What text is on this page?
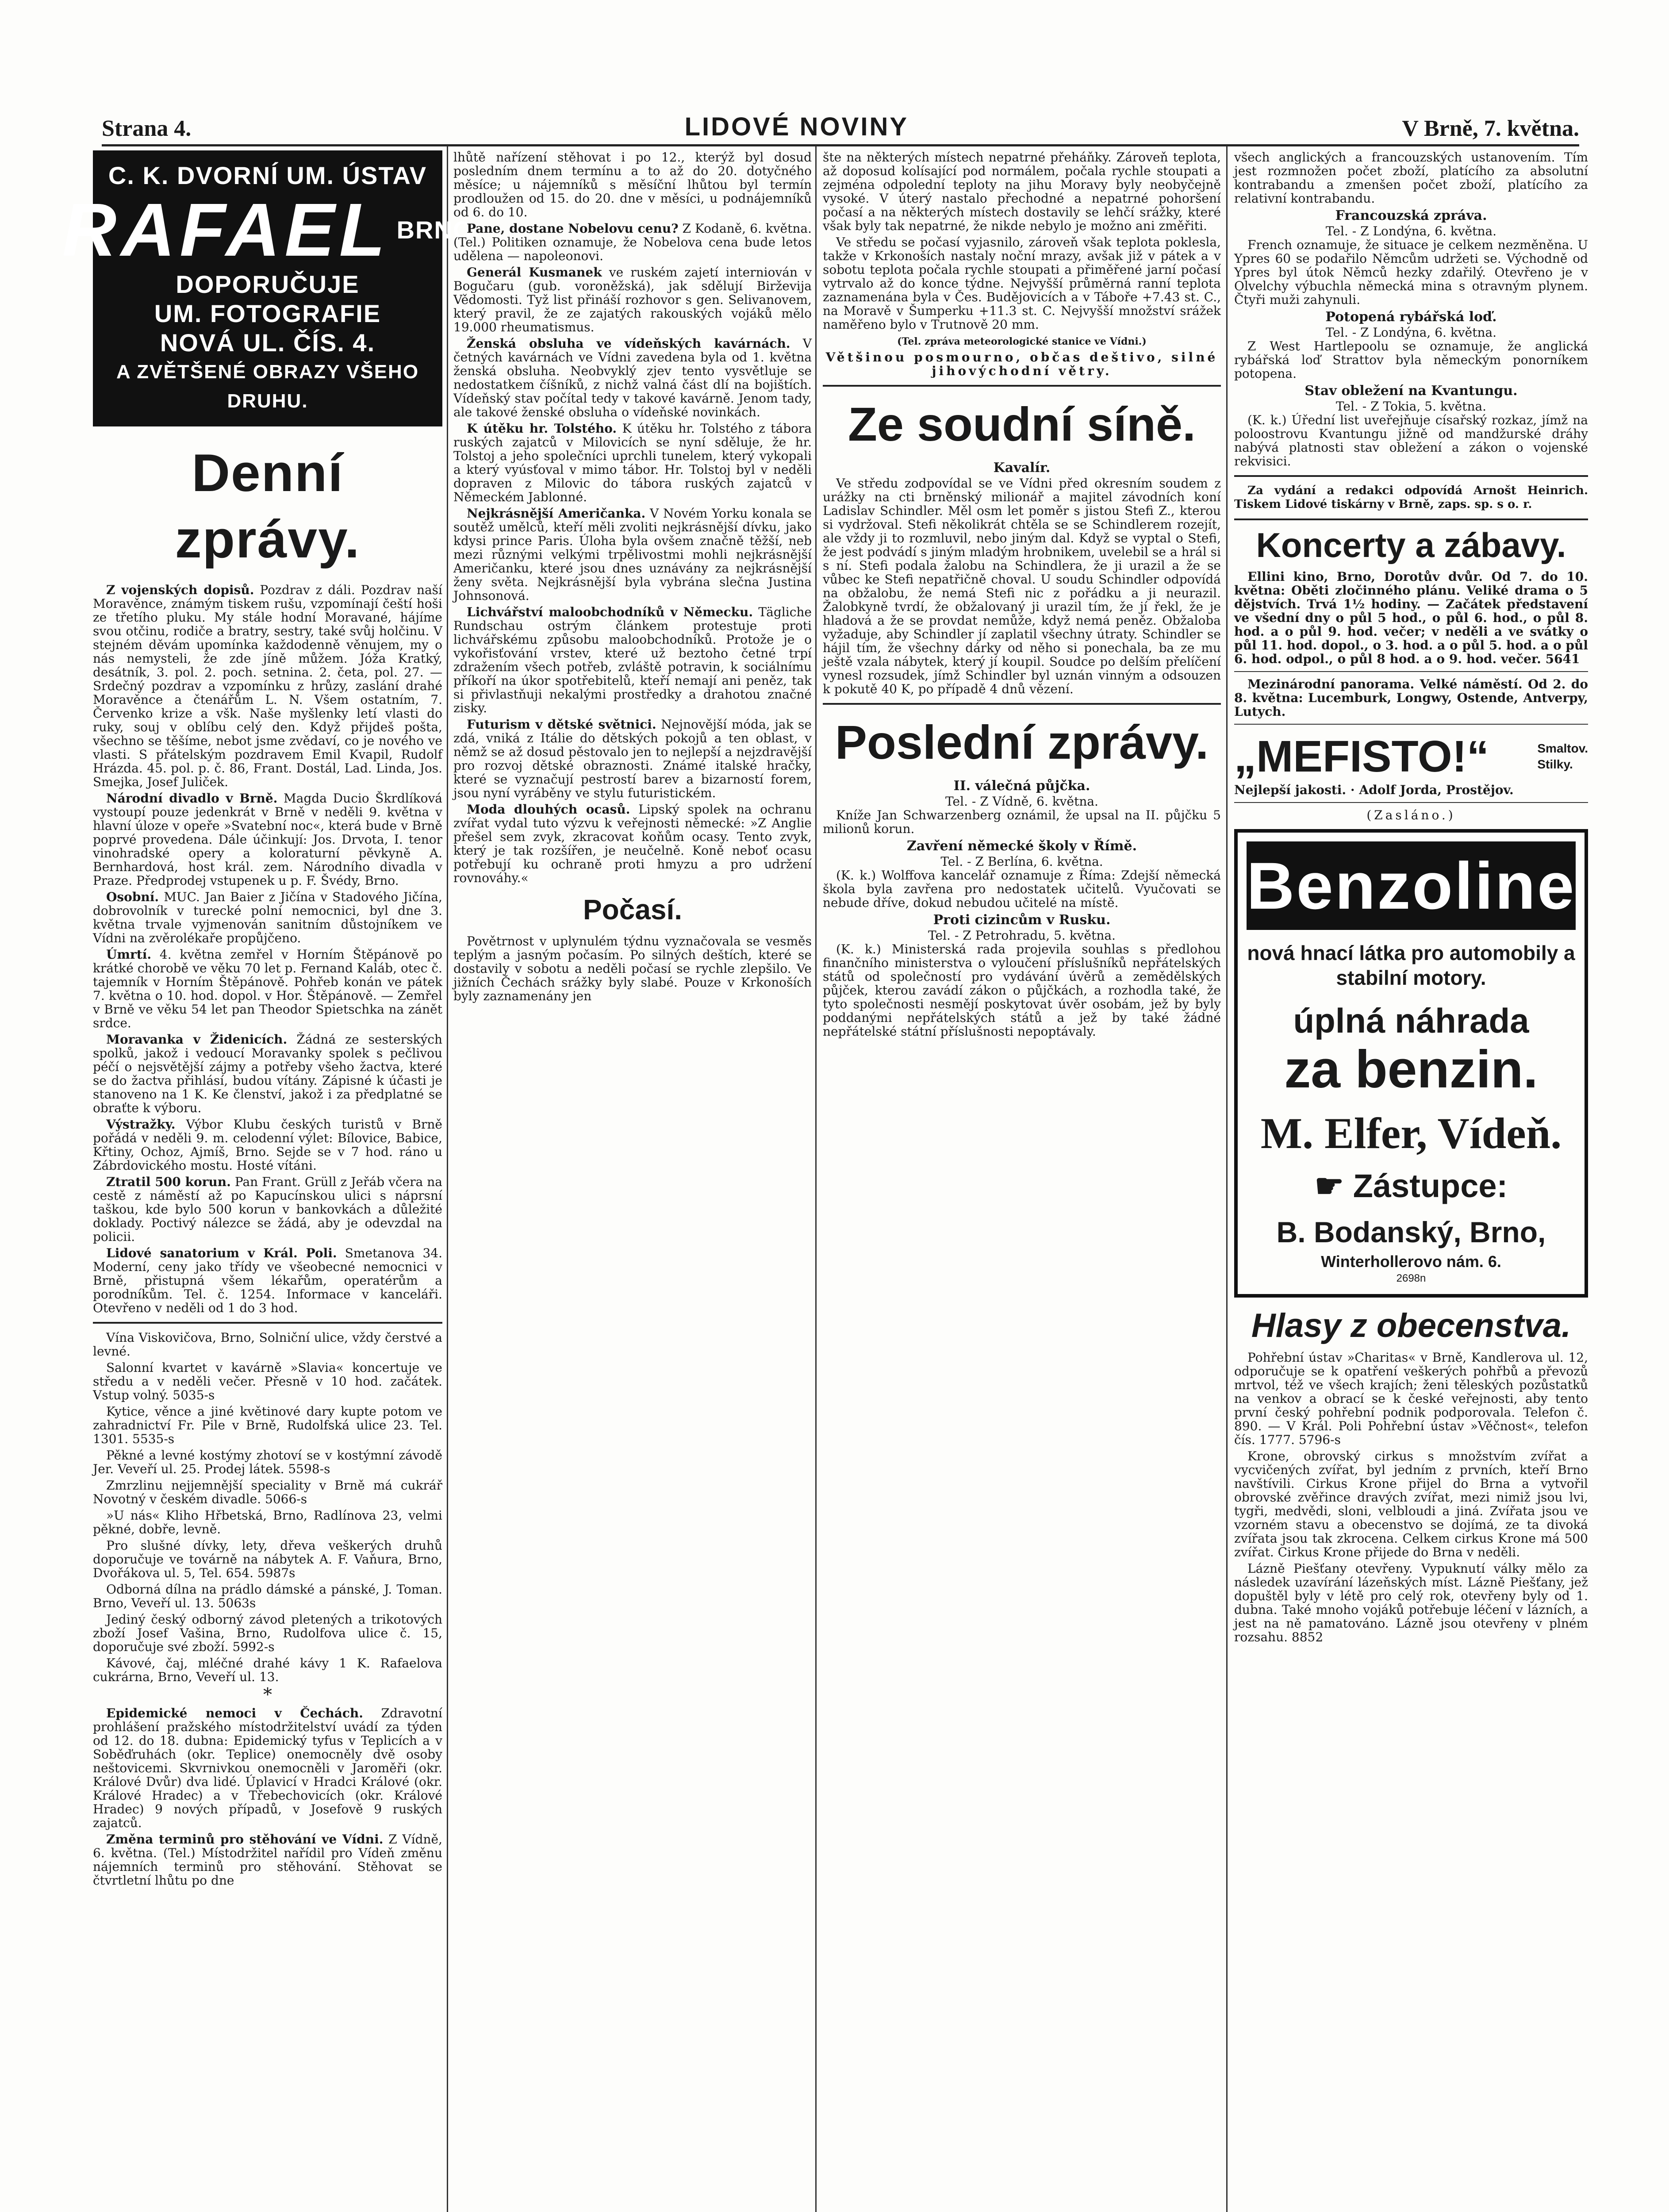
Strana 4.	LIDOVÉ NOVINY	V Brně, 7. května.
C. K. DVORNÍ UM. ÚSTAV
RAFAEL BRNO
DOPORUČUJE
UM. FOTOGRAFIE
NOVÁ UL. ČÍS. 4.
A ZVĚTŠENÉ OBRAZY VŠEHO DRUHU.
Denní zprávy.

Z vojenských dopisů. Pozdrav z dáli. Pozdrav naší Moravěnce, známým tiskem rušu, vzpomínají čeští hoši ze třetího pluku. My stále hodní Moravané, hájíme svou otčinu, rodiče a bratry, sestry, také svůj holčinu. V stejném děvám upomínka každodenně věnujem, my o nás nemysteli, že zde jíně můžem. Jóža Kratký, desátník, 3. pol. 2. poch. setnina. 2. četa, pol. 27. — Srdečný pozdrav a vzpomínku z hrůzy, zaslání drahé Moravěnce a čtenářům L. N. Všem ostatním, 7. Červenko krize a všk. Naše myšlenky letí vlasti do ruky, souj v oblíbu celý den. Když přijdeš pošta, všechno se těšíme, nebot jsme zvědaví, co je nového ve vlasti. S přátelským pozdravem Emil Kvapil, Rudolf Hrázda. 45. pol. p. č. 86, Frant. Dostál, Lad. Linda, Jos. Smejka, Josef Juliček.

Národní divadlo v Brně. Magda Ducio Škrdlíková vystoupí pouze jedenkrát v Brně v neděli 9. května v hlavní úloze v opeře »Svatební noc«, která bude v Brně poprvé provedena. Dále účinkují: Jos. Drvota, I. tenor vinohradské opery a koloraturní pěvkyně A. Bernhardová, host král. zem. Národního divadla v Praze. Předprodej vstupenek u p. F. Švédy, Brno.

Osobní. MUC. Jan Baier z Jičína v Stadového Jičína, dobrovolník v turecké polní nemocnici, byl dne 3. května trvale vyjmenován sanitním důstojníkem ve Vídni na zvěrolékaře propůjčeno.

Úmrtí. 4. května zemřel v Horním Štěpánově po krátké chorobě ve věku 70 let p. Fernand Kaláb, otec č. tajemník v Horním Štěpánově. Pohřeb konán ve pátek 7. května o 10. hod. dopol. v Hor. Štěpánově. — Zemřel v Brně ve věku 54 let pan Theodor Spietschka na zánět srdce.

Moravanka v Židenicích. Žádná ze sesterských spolků, jakož i vedoucí Moravanky spolek s pečlivou péčí o nejsvětější zájmy a potřeby všeho žactva, které se do žactva přihlásí, budou vítány. Zápisné k účasti je stanoveno na 1 K. Ke členství, jakož i za předplatné se obraťte k výboru.

Výstražky. Výbor Klubu českých turistů v Brně pořádá v neděli 9. m. celodenní výlet: Bílovice, Babice, Křtiny, Ochoz, Ajmíš, Brno. Sejde se v 7 hod. ráno u Zábrdovického mostu. Hosté vítáni.

Ztratil 500 korun. Pan Frant. Grüll z Jeřáb včera na cestě z náměstí až po Kapucínskou ulici s náprsní taškou, kde bylo 500 korun v bankovkách a důležité doklady. Poctivý nálezce se žádá, aby je odevzdal na policii.

Lidové sanatorium v Král. Poli. Smetanova 34. Moderní, ceny jako třídy ve všeobecné nemocnici v Brně, přistupná všem lékařům, operatérům a porodníkům. Tel. č. 1254. Informace v kanceláři. Otevřeno v neděli od 1 do 3 hod.

Vína Viskovičova, Brno, Solniční ulice, vždy čerstvé a levné.

Salonní kvartet v kavárně »Slavia« koncertuje ve středu a v neděli večer. Přesně v 10 hod. začátek. Vstup volný. 5035-s

Kytice, věnce a jiné květinové dary kupte potom ve zahradnictví Fr. Pile v Brně, Rudolfská ulice 23. Tel. 1301. 5535-s

Pěkné a levné kostýmy zhotoví se v kostýmní závodě Jer. Veveří ul. 25. Prodej látek. 5598-s

Zmrzlinu nejjemnější speciality v Brně má cukrář Novotný v českém divadle. 5066-s

»U nás« Kliho Hřbetská, Brno, Radlínova 23, velmi pěkné, dobře, levně.

Pro slušné dívky, lety, dřeva veškerých druhů doporučuje ve továrně na nábytek A. F. Vaňura, Brno, Dvořákova ul. 5, Tel. 654. 5987s

Odborná dílna na prádlo dámské a pánské, J. Toman. Brno, Veveří ul. 13. 5063s

Jediný český odborný závod pletených a trikotových zboží Josef Vašina, Brno, Rudolfova ulice č. 15, doporučuje své zboží. 5992-s

Kávové, čaj, mléčné drahé kávy 1 K. Rafaelova cukrárna, Brno, Veveří ul. 13.

*

Epidemické nemoci v Čechách. Zdravotní prohlášení pražského místodržitelství uvádí za týden od 12. do 18. dubna: Epidemický tyfus v Teplicích a v Soběďruhách (okr. Teplice) onemocněly dvě osoby neštovicemi. Skvrnivkou onemocněli v Jaroměři (okr. Králové Dvůr) dva lidé. Úplavicí v Hradci Králové (okr. Králové Hradec) a v Třebechovicích (okr. Králové Hradec) 9 nových případů, v Josefově 9 ruských zajatců.

Změna terminů pro stěhování ve Vídni. Z Vídně, 6. května. (Tel.) Místodržitel nařídil pro Vídeň změnu nájemních terminů pro stěhování. Stěhovat se čtvrtletní lhůtu po dne

lhůtě nařízení stěhovat i po 12., kterýž byl dosud posledním dnem termínu a to až do 20. dotyčného měsíce; u nájemníků s měsíční lhůtou byl termín prodloužen od 15. do 20. dne v měsíci, u podnájemníků od 6. do 10.

Pane, dostane Nobelovu cenu? Z Kodaně, 6. května. (Tel.) Politiken oznamuje, že Nobelova cena bude letos udělena — napoleonovi.

Generál Kusmanek ve ruském zajetí interniován v Bogučaru (gub. voroněžská), jak sdělují Birževija Vědomosti. Tyž list přináší rozhovor s gen. Selivanovem, který pravil, že ze zajatých rakouských vojáků mělo 19.000 rheumatismus.

Ženská obsluha ve vídeňských kavárnách. V četných kavárnách ve Vídni zavedena byla od 1. května ženská obsluha. Neobvyklý zjev tento vysvětluje se nedostatkem číšníků, z nichž valná část dlí na bojištích. Vídeňský stav počítal tedy v takové kavárně. Jenom tady, ale takové ženské obsluha o vídeňské novinkách.

K útěku hr. Tolstého. K útěku hr. Tolstého z tábora ruských zajatců v Milovicích se nyní sděluje, že hr. Tolstoj a jeho společníci uprchli tunelem, který vykopali a který vyúsťoval v mimo tábor. Hr. Tolstoj byl v neděli dopraven z Milovic do tábora ruských zajatců v Německém Jablonné.

Nejkrásnější Američanka. V Novém Yorku konala se soutěž umělců, kteří měli zvoliti nejkrásnější dívku, jako kdysi prince Paris. Úloha byla ovšem značně těžší, neb mezi různými velkými trpělivostmi mohli nejkrásnější Američanku, které jsou dnes uznávány za nejkrásnější ženy světa. Nejkrásnější byla vybrána slečna Justina Johnsonová.

Lichvářství maloobchodníků v Německu. Tägliche Rundschau ostrým článkem protestuje proti lichvářskému způsobu maloobchodníků. Protože je o vykořisťování vrstev, které už beztoho četné trpí zdražením všech potřeb, zvláště potravin, k sociálnímu příkoří na úkor spotřebitelů, kteří nemají ani peněz, tak si přivlastňuji nekalými prostředky a drahotou značné zisky.

Futurism v dětské světnici. Nejnovější móda, jak se zdá, vniká z Itálie do dětských pokojů a ten oblast, v němž se až dosud pěstovalo jen to nejlepší a nejzdravější pro rozvoj dětské obraznosti. Známé italské hračky, které se vyznačují pestrostí barev a bizarností forem, jsou nyní vyráběny ve stylu futuristickém.

Moda dlouhých ocasů. Lipský spolek na ochranu zvířat vydal tuto výzvu k veřejnosti německé: »Z Anglie přešel sem zvyk, zkracovat koňům ocasy. Tento zvyk, který je tak rozšířen, je neučelně. Koně neboť ocasu potřebují ku ochraně proti hmyzu a pro udržení rovnováhy.«

Počasí.

Povětrnost v uplynulém týdnu vyznačovala se vesměs teplým a jasným počasím. Po silných deštích, které se dostavily v sobotu a neděli počasí se rychle zlepšilo. Ve jižních Čechách srážky byly slabé. Pouze v Krkonoších byly zaznamenány jen

šte na některých místech nepatrné přeháňky. Zároveň teplota, až doposud kolísající pod normálem, počala rychle stoupati a zejména odpolední teploty na jihu Moravy byly neobyčejně vysoké. V úterý nastalo přechodné a nepatrné pohoršení počasí a na některých místech dostavily se lehčí srážky, které však byly tak nepatrné, že nikde nebylo je možno ani změřiti.

Ve středu se počasí vyjasnilo, zároveň však teplota poklesla, takže v Krkonoších nastaly noční mrazy, avšak již v pátek a v sobotu teplota počala rychle stoupati a přiměřené jarní počasí vytrvalo až do konce týdne. Nejvyšší průměrná ranní teplota zaznamenána byla v Čes. Budějovicích a v Táboře +7.43 st. C., na Moravě v Šumperku +11.3 st. C. Nejvyšší množství srážek naměřeno bylo v Trutnově 20 mm.

(Tel. zpráva meteorologické stanice ve Vídni.)

Většinou posmourno, občas deštivo, silné jihovýchodní větry.

Ze soudní síně.
Kavalír.

Ve středu zodpovídal se ve Vídni před okresním soudem z urážky na cti brněnský milionář a majitel závodních koní Ladislav Schindler. Měl osm let poměr s jistou Stefi Z., kterou si vydržoval. Stefi několikrát chtěla se se Schindlerem rozejít, ale vždy ji to rozmluvil, nebo jiným dal. Když se vyptal o Stefi, že jest podvádí s jiným mladým hrobnikem, uvelebil se a hrál si s ní. Stefi podala žalobu na Schindlera, že ji urazil a že se vůbec ke Stefi nepatřičně choval. U soudu Schindler odpovídá na obžalobu, že nemá Stefi nic z pořádku a ji neurazil. Žalobkyně tvrdí, že obžalovaný ji urazil tím, že jí řekl, že je hladová a že se provdat nemůže, když nemá peněz. Obžaloba vyžaduje, aby Schindler jí zaplatil všechny útraty. Schindler se hájil tím, že všechny dárky od něho si ponechala, ba ze mu ještě vzala nábytek, který jí koupil. Soudce po delším přelíčení vynesl rozsudek, jímž Schindler byl uznán vinným a odsouzen k pokutě 40 K, po případě 4 dnů vězení.

Poslední zprávy.
II. válečná půjčka.
Tel. - Z Vídně, 6. května.

Kníže Jan Schwarzenberg oznámil, že upsal na II. půjčku 5 milionů korun.

Zavření německé školy v Římě.
Tel. - Z Berlína, 6. května.

(K. k.) Wolffova kancelář oznamuje z Říma: Zdejší německá škola byla zavřena pro nedostatek učitelů. Vyučovati se nebude dříve, dokud nebudou učitelé na místě.

Proti cizincům v Rusku.
Tel. - Z Petrohradu, 5. května.

(K. k.) Ministerská rada projevila souhlas s předlohou finančního ministerstva o vyloučení příslušníků nepřátelských států od společností pro vydávání úvěrů a zemědělských půjček, kterou zavádí zákon o půjčkách, a rozhodla také, že tyto společnosti nesmějí poskytovat úvěr osobám, jež by byly poddanými nepřátelských států a jež by také žádné nepřátelské státní příslušnosti nepoptávaly.

všech anglických a francouzských ustanovením. Tím jest rozmnožen počet zboží, platícího za absolutní kontrabandu a zmenšen počet zboží, platícího za relativní kontrabandu.

Francouzská zpráva.
Tel. - Z Londýna, 6. května.

French oznamuje, že situace je celkem nezměněna. U Ypres 60 se podařilo Němcům udržeti se. Východně od Ypres byl útok Němců hezky zdařilý. Otevřeno je v Olvelchy výbuchla německá mina s otravným plynem. Čtyři muži zahynuli.

Potopená rybářská loď.
Tel. - Z Londýna, 6. května.

Z West Hartlepoolu se oznamuje, že anglická rybářská loď Strattov byla německým ponorníkem potopena.

Stav obležení na Kvantungu.
Tel. - Z Tokia, 5. května.

(K. k.) Úřední list uveřejňuje císařský rozkaz, jímž na poloostrovu Kvantungu jižně od mandžurské dráhy nabývá platnosti stav obležení a zákon o vojenské rekvisici.

Za vydání a redakci odpovídá Arnošt Heinrich. Tiskem Lidové tiskárny v Brně, zaps. sp. s o. r.

Koncerty a zábavy.

Ellini kino, Brno, Dorotův dvůr. Od 7. do 10. května: Oběti zločinného plánu. Veliké drama o 5 dějstvích. Trvá 1½ hodiny. — Začátek představení ve všední dny o půl 5 hod., o půl 6. hod., o půl 8. hod. a o půl 9. hod. večer; v neděli a ve svátky o půl 11. hod. dopol., o 3. hod. a o půl 5. hod. a o půl 6. hod. odpol., o půl 8 hod. a o 9. hod. večer. 5641

Mezinárodní panorama. Velké náměstí. Od 2. do 8. května: Lucemburk, Longwy, Ostende, Antverpy, Lutych.

„MEFISTO!“	Smaltov.
Stilky.

Nejlepší jakosti. · Adolf Jorda, Prostějov.

(Zasláno.)

Benzoline
nová hnací látka pro automobily a stabilní motory.
úplná náhrada
za benzin.
M. Elfer, Vídeň.
☛ Zástupce:
B. Bodanský, Brno,
Winterhollerovo nám. 6.
2698n
Hlasy z obecenstva.

Pohřební ústav »Charitas« v Brně, Kandlerova ul. 12, odporučuje se k opatření veškerých pohřbů a převozů mrtvol, též ve všech krajích; ženi těleských pozůstatků na venkov a obrací se k české veřejnosti, aby tento první český pohřební podnik podporovala. Telefon č. 890. — V Král. Poli Pohřební ústav »Věčnost«, telefon čís. 1777. 5796-s

Krone, obrovský cirkus s množstvím zvířat a vycvičených zvířat, byl jedním z prvních, kteří Brno navštívili. Cirkus Krone přijel do Brna a vytvořil obrovské zvěřince dravých zvířat, mezi nimiž jsou lvi, tygři, medvědi, sloni, velbloudi a jiná. Zvířata jsou ve vzorném stavu a obecenstvo se dojímá, ze ta divoká zvířata jsou tak zkrocena. Celkem cirkus Krone má 500 zvířat. Cirkus Krone přijede do Brna v neděli.

Lázně Piešťany otevřeny. Vypuknutí války mělo za následek uzavírání lázeňských míst. Lázně Piešťany, jež dopuštěl byly v létě pro celý rok, otevřeny byly od 1. dubna. Také mnoho vojáků potřebuje léčení v lázních, a jest na ně pamatováno. Lázně jsou otevřeny v plném rozsahu. 8852
